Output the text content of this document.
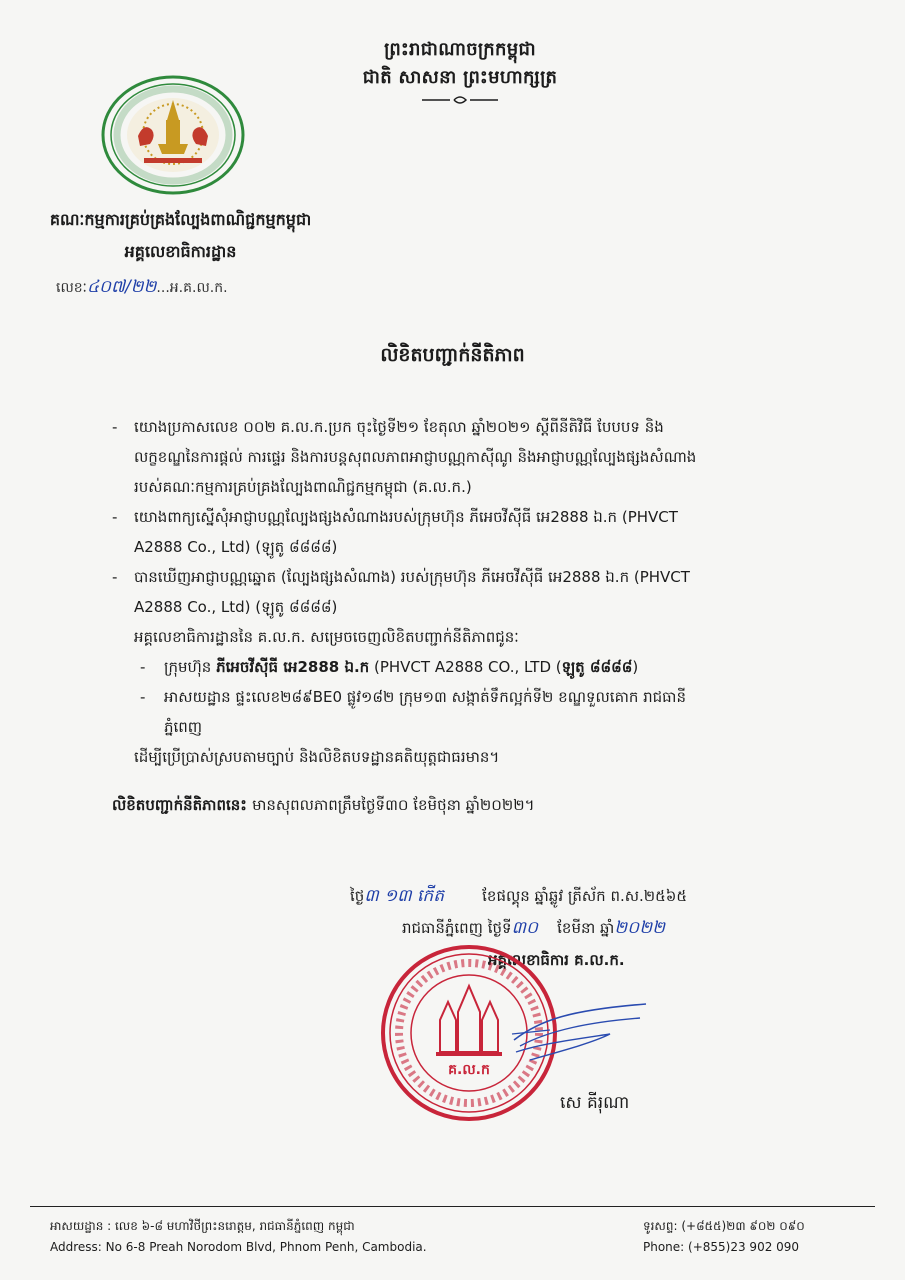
ព្រះរាជាណាចក្រកម្ពុជា
ជាតិ សាសនា ព្រះមហាក្សត្រ
គណៈកម្មការគ្រប់គ្រងល្បែងពាណិជ្ជកម្មកម្ពុជា
អគ្គលេខាធិការដ្ឋាន
លេខៈ៤០៧/២២...អ.គ.ល.ក.
លិខិតបញ្ជាក់នីតិភាព
- យោងប្រកាសលេខ ០០២ គ.ល.ក.ប្រក ចុះថ្ងៃទី២១ ខែតុលា ឆ្នាំ២០២១ ស្ដីពីនីតិវិធី បែបបទ និង
លក្ខខណ្ឌនៃការផ្ដល់ ការផ្ទេរ និងការបន្តសុពលភាពអាជ្ញាបណ្ណកាស៊ីណូ និងអាជ្ញាបណ្ណល្បែងផ្សងសំណាង
របស់គណៈកម្មការគ្រប់គ្រងល្បែងពាណិជ្ជកម្មកម្ពុជា (គ.ល.ក.)
- យោងពាក្យស្នើសុំអាជ្ញាបណ្ណល្បែងផ្សងសំណាងរបស់ក្រុមហ៊ុន ភីអេចវីស៊ីធី អេ2888 ឯ.ក (PHVCT
A2888 Co., Ltd) (ឡូតូ ៨៨៨៨)
- បានឃើញអាជ្ញាបណ្ណឆ្នោត (ល្បែងផ្សងសំណាង) របស់ក្រុមហ៊ុន ភីអេចវីស៊ីធី អេ2888 ឯ.ក (PHVCT
A2888 Co., Ltd) (ឡូតូ ៨៨៨៨)
អគ្គលេខាធិការដ្ឋាននៃ គ.ល.ក. សម្រេចចេញលិខិតបញ្ជាក់នីតិភាពជូនៈ
- ក្រុមហ៊ុន ភីអេចវីស៊ីធី អេ2888 ឯ.ក (PHVCT A2888 CO., LTD (ឡូតូ ៨៨៨៨)
- អាសយដ្ឋាន ផ្ទះលេខ២៨៩BE0 ផ្លូវ១៨២ ក្រុម១៣ សង្កាត់ទឹកល្អក់ទី២ ខណ្ឌទួលគោក រាជធានី
ភ្នំពេញ
ដើម្បីប្រើប្រាស់ស្របតាមច្បាប់ និងលិខិតបទដ្ឋានគតិយុត្តជាធរមាន។
លិខិតបញ្ជាក់នីតិភាពនេះ មានសុពលភាពត្រឹមថ្ងៃទី៣០ ខែមិថុនា ឆ្នាំ២០២២។
ថ្ងៃ៣ ១៣ កើត	ខែផល្គុន ឆ្នាំឆ្លូវ ត្រីស័ក ព.ស.២៥៦៥
រាជធានីភ្នំពេញ ថ្ងៃទី៣០    ខែមីនា ឆ្នាំ២០២២
អគ្គលេខាធិការ គ.ល.ក.
គ.ល.ក
សេ គីរុណា
អាសយដ្ឋាន : លេខ ៦-៨ មហាវិថីព្រះនរោត្តម, រាជធានីភ្នំពេញ កម្ពុជា
Address: No 6-8 Preah Norodom Blvd, Phnom Penh, Cambodia.
ទូរសព្ទ: (+៨៥៥)២៣ ៩០២ ០៩០
Phone: (+855)23 902 090
